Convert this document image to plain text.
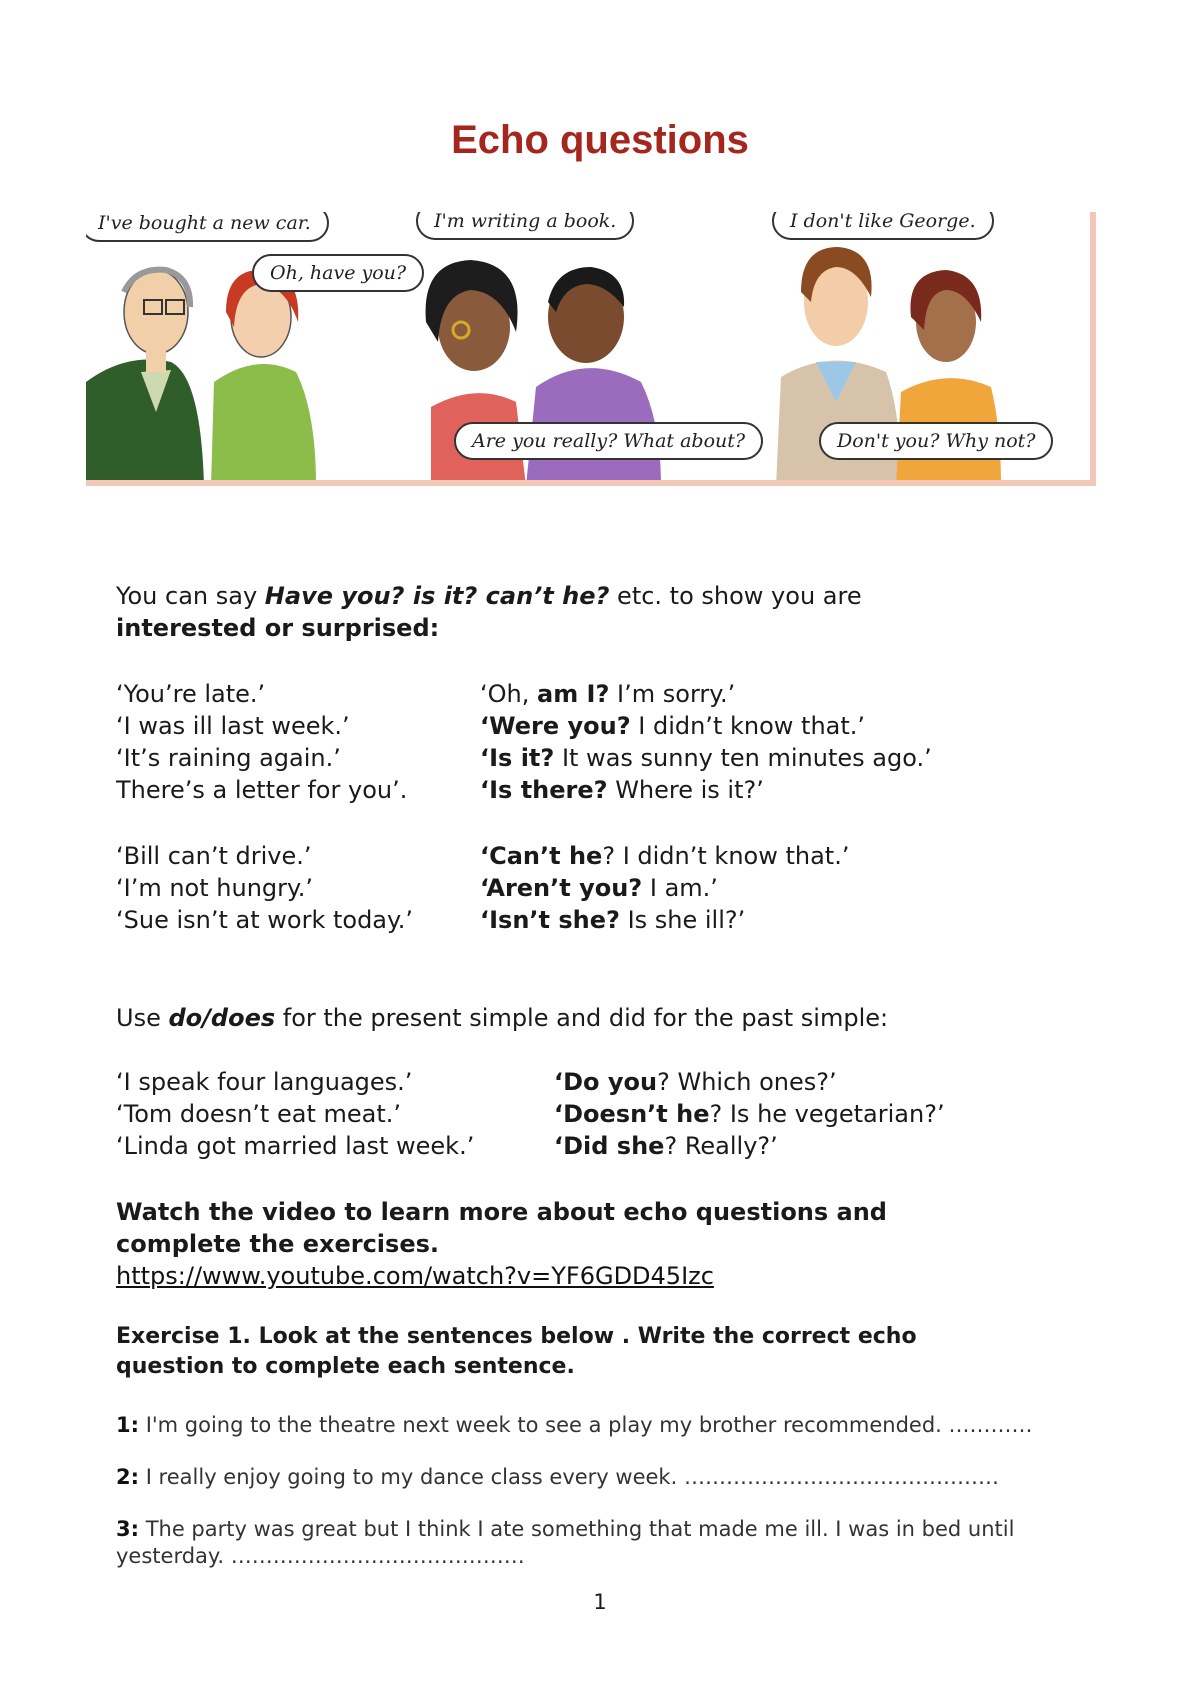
Echo questions
I've bought a new car.
Oh, have you?
I'm writing a book.
Are you really? What about?
I don't like George.
Don't you? Why not?

You can say Have you? is it? can’t he? etc. to show you are
interested or surprised:

‘You’re late.’	‘Oh, am I? I’m sorry.’
‘I was ill last week.’	‘Were you? I didn’t know that.’
‘It’s raining again.’	‘Is it? It was sunny ten minutes ago.’
There’s a letter for you’.	‘Is there? Where is it?’
‘Bill can’t drive.’	‘Can’t he? I didn’t know that.’
‘I’m not hungry.’	‘Aren’t you? I am.’
‘Sue isn’t at work today.’	‘Isn’t she? Is she ill?’

Use do/does for the present simple and did for the past simple:

‘I speak four languages.’	‘Do you? Which ones?’
‘Tom doesn’t eat meat.’	‘Doesn’t he? Is he vegetarian?’
‘Linda got married last week.’	‘Did she? Really?’
Watch the video to learn more about echo questions and
complete the exercises.
https://www.youtube.com/watch?v=YF6GDD45Izc
Exercise 1. Look at the sentences below . Write the correct echo
question to complete each sentence.

1: I'm going to the theatre next week to see a play my brother recommended. …………

2: I really enjoy going to my dance class every week. ………………………………………

3: The party was great but I think I ate something that made me ill. I was in bed until yesterday. ……………………………………

1
